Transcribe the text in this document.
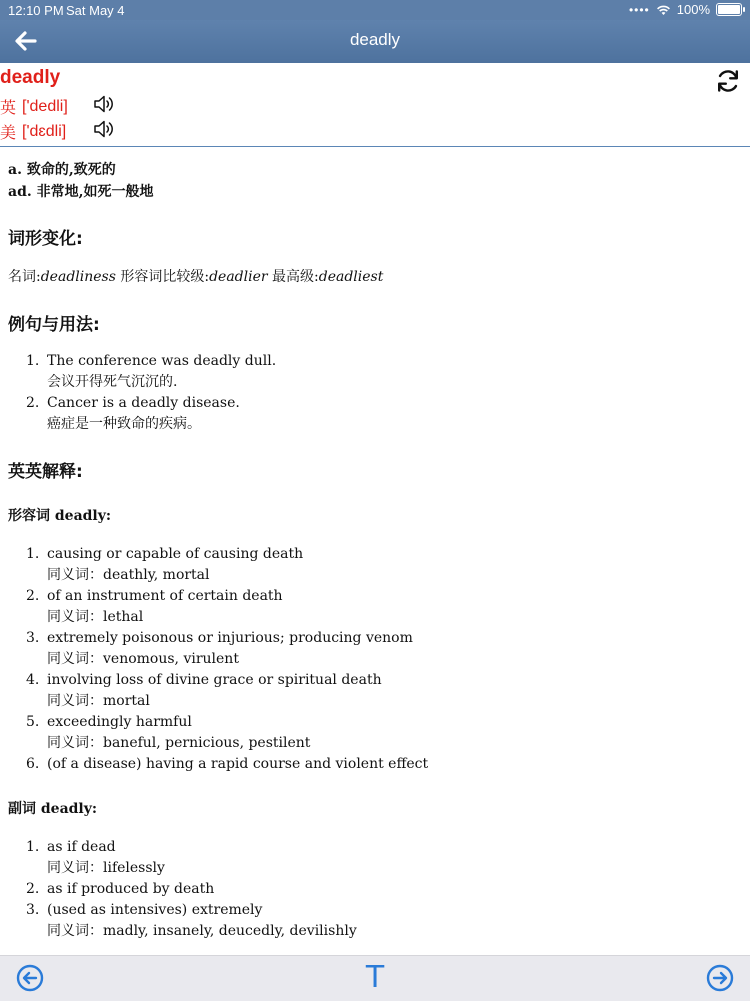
12:10 PM Sat May 4	•••• 100%
deadly
deadly
英 ['dedli]
美 ['dɛdli]
a. 致命的,致死的
ad. 非常地,如死一般地
词形变化:
名词:deadliness 形容词比较级:deadlier 最高级:deadliest
例句与用法:
1. The conference was deadly dull.
会议开得死气沉沉的.
2. Cancer is a deadly disease.
癌症是一种致命的疾病。
英英解释:
形容词 deadly:
1. causing or capable of causing death
同义词：deathly, mortal
2. of an instrument of certain death
同义词：lethal
3. extremely poisonous or injurious; producing venom
同义词：venomous, virulent
4. involving loss of divine grace or spiritual death
同义词：mortal
5. exceedingly harmful
同义词：baneful, pernicious, pestilent
6. (of a disease) having a rapid course and violent effect
副词 deadly:
1. as if dead
同义词：lifelessly
2. as if produced by death
3. (used as intensives) extremely
同义词：madly, insanely, deucedly, devilishly
T
